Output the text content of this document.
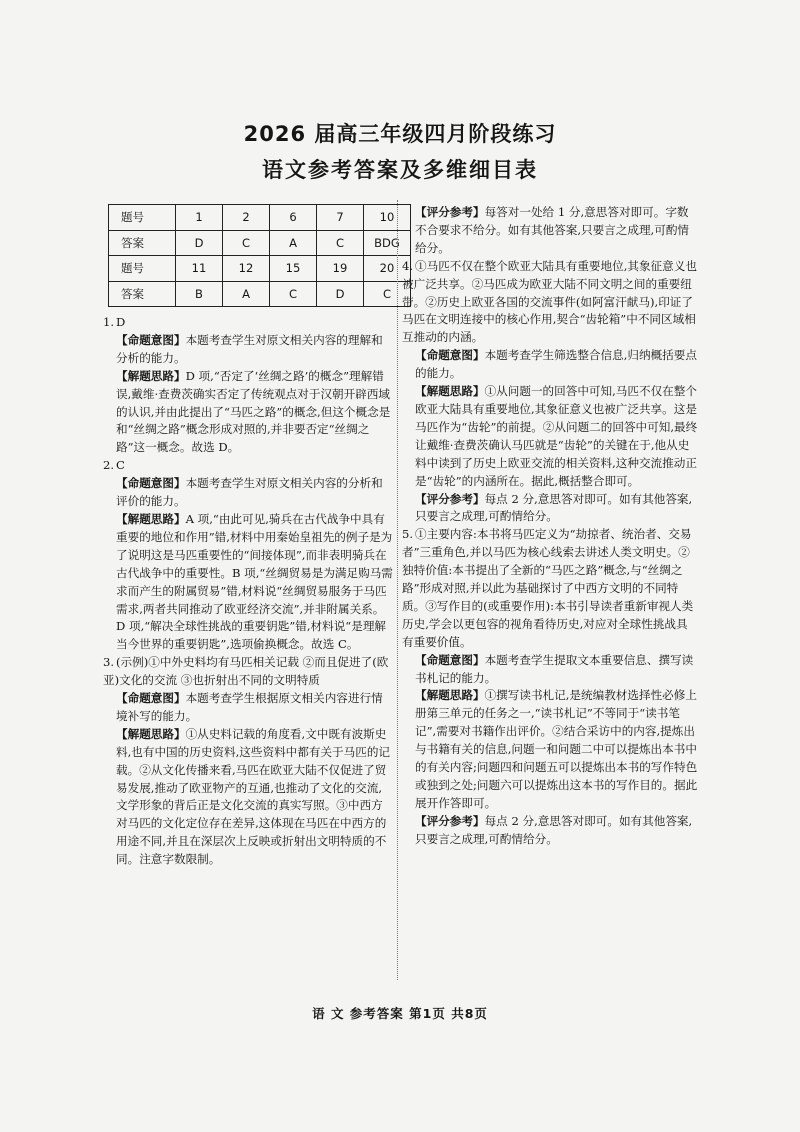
2026 届高三年级四月阶段练习
语文参考答案及多维细目表
题号	1	2	6	7	10
答案	D	C	A	C	BDG
题号	11	12	15	19	20
答案	B	A	C	D	C
1. D
【命题意图】本题考查学生对原文相关内容的理解和分析的能力。
【解题思路】D 项,“否定了‘丝绸之路’的概念”理解错误,戴维·查费茨确实否定了传统观点对于汉朝开辟西域的认识,并由此提出了“马匹之路”的概念,但这个概念是和“丝绸之路”概念形成对照的,并非要否定“丝绸之路”这一概念。故选 D。
2. C
【命题意图】本题考查学生对原文相关内容的分析和评价的能力。
【解题思路】A 项,“由此可见,骑兵在古代战争中具有重要的地位和作用”错,材料中用秦始皇祖先的例子是为了说明这是马匹重要性的“间接体现”,而非表明骑兵在古代战争中的重要性。B 项,“丝绸贸易是为满足购马需求而产生的附属贸易”错,材料说“丝绸贸易服务于马匹需求,两者共同推动了欧亚经济交流”,并非附属关系。D 项,“解决全球性挑战的重要钥匙”错,材料说“是理解当今世界的重要钥匙”,选项偷换概念。故选 C。
3. (示例)①中外史料均有马匹相关记载 ②而且促进了(欧亚)文化的交流 ③也折射出不同的文明特质
【命题意图】本题考查学生根据原文相关内容进行情境补写的能力。
【解题思路】①从史料记载的角度看,文中既有波斯史料,也有中国的历史资料,这些资料中都有关于马匹的记载。②从文化传播来看,马匹在欧亚大陆不仅促进了贸易发展,推动了欧亚物产的互通,也推动了文化的交流,文学形象的背后正是文化交流的真实写照。③中西方对马匹的文化定位存在差异,这体现在马匹在中西方的用途不同,并且在深层次上反映或折射出文明特质的不同。注意字数限制。
【评分参考】每答对一处给 1 分,意思答对即可。字数不合要求不给分。如有其他答案,只要言之成理,可酌情给分。
4. ①马匹不仅在整个欧亚大陆具有重要地位,其象征意义也被广泛共享。②马匹成为欧亚大陆不同文明之间的重要纽带。②历史上欧亚各国的交流事件(如阿富汗献马),印证了马匹在文明连接中的核心作用,契合“齿轮箱”中不同区域相互推动的内涵。
【命题意图】本题考查学生筛选整合信息,归纳概括要点的能力。
【解题思路】①从问题一的回答中可知,马匹不仅在整个欧亚大陆具有重要地位,其象征意义也被广泛共享。这是马匹作为“齿轮”的前提。②从问题二的回答中可知,最终让戴维·查费茨确认马匹就是“齿轮”的关键在于,他从史料中读到了历史上欧亚交流的相关资料,这种交流推动正是“齿轮”的内涵所在。据此,概括整合即可。
【评分参考】每点 2 分,意思答对即可。如有其他答案,只要言之成理,可酌情给分。
5. ①主要内容:本书将马匹定义为“劫掠者、统治者、交易者”三重角色,并以马匹为核心线索去讲述人类文明史。②独特价值:本书提出了全新的“马匹之路”概念,与“丝绸之路”形成对照,并以此为基础探讨了中西方文明的不同特质。③写作目的(或重要作用):本书引导读者重新审视人类历史,学会以更包容的视角看待历史,对应对全球性挑战具有重要价值。
【命题意图】本题考查学生提取文本重要信息、撰写读书札记的能力。
【解题思路】①撰写读书札记,是统编教材选择性必修上册第三单元的任务之一,“读书札记”不等同于“读书笔记”,需要对书籍作出评价。②结合采访中的内容,提炼出与书籍有关的信息,问题一和问题二中可以提炼出本书中的有关内容;问题四和问题五可以提炼出本书的写作特色或独到之处;问题六可以提炼出这本书的写作目的。据此展开作答即可。
【评分参考】每点 2 分,意思答对即可。如有其他答案,只要言之成理,可酌情给分。
语 文 参考答案 第1页 共8页
